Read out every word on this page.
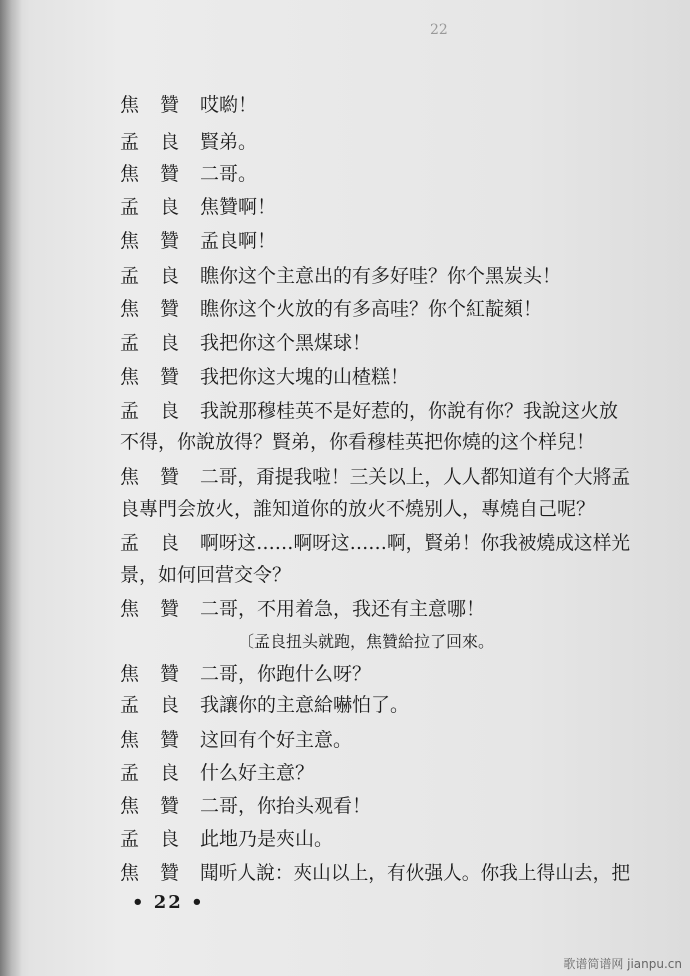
22
焦 贊 哎喲！
孟 良 賢弟。
焦 贊 二哥。
孟 良 焦贊啊！
焦 贊 孟良啊！
孟 良 瞧你这个主意出的有多好哇？你个黑炭头！
焦 贊 瞧你这个火放的有多高哇？你个紅靛頦！
孟 良 我把你这个黑煤球！
焦 贊 我把你这大塊的山楂糕！
孟 良 我說那穆桂英不是好惹的，你說有你？我說这火放
不得，你說放得？賢弟，你看穆桂英把你燒的这个样兒！
焦 贊 二哥，甭提我啦！三关以上，人人都知道有个大將孟
良專門会放火，誰知道你的放火不燒别人，專燒自己呢？
孟 良 啊呀这……啊呀这……啊，賢弟！你我被燒成这样光
景，如何回营交令？
焦 贊 二哥，不用着急，我还有主意哪！
焦 贊 二哥，你跑什么呀？
孟 良 我讓你的主意給嚇怕了。
焦 贊 这回有个好主意。
孟 良 什么好主意？
焦 贊 二哥，你抬头观看！
孟 良 此地乃是夾山。
焦 贊 聞听人說：夾山以上，有伙强人。你我上得山去，把
〔孟良扭头就跑，焦贊給拉了回來。
• 22 •
歌谱简谱网 jianpu.cn
